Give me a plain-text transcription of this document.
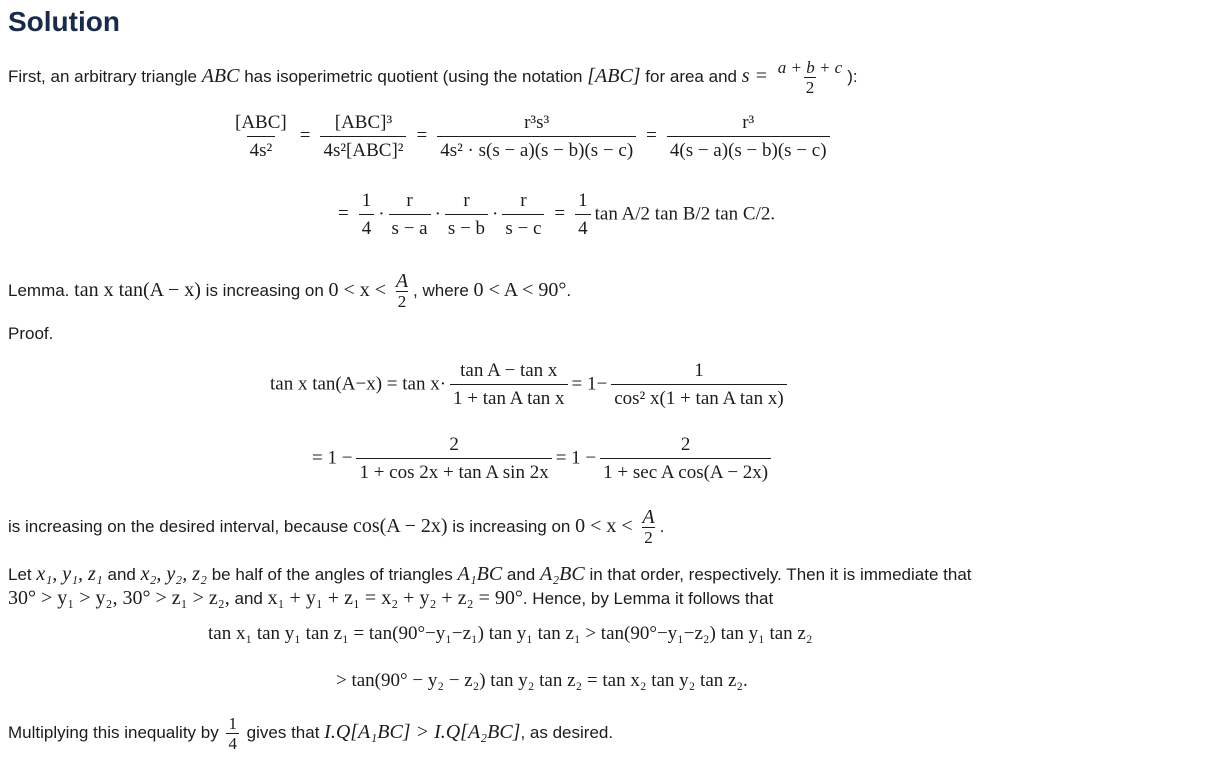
Solution
First, an arbitrary triangle ABC has isoperimetric quotient (using the notation [ABC] for area and $s = \frac{a + b + c}{2}$ ):
$\frac{\text{[ABC]}}{\text{4s²}} = \frac{\text{[ABC]³}}{\text{4s²[ABC]²}} = \frac{\text{r³s³}}{\text{4s² · s(s − a)(s − b)(s − c)}} = \frac{\text{r³}}{4(s - a)(s - b)(s - c)}$
= $\frac{1}{4} \cdot \frac{r}{s - a} \cdot \frac{r}{s - b} \cdot \frac{r}{s - c} = \frac{1}{4}$ tan A/2 tan B/2 tan C/2.
Lemma. tan x tan(A − x) is increasing on $0 < x < \frac{A}{2}$ , where 0 < A < 90°.
Proof.
tan x $\tan(A-x) = \tan x\cdot \frac{\text{tan A − tan x}}{\text{1 + tan A tan x}} = 1- \frac{1}{\text{cos² x(1 + tan A tan x)}}$
= $1 - \frac{2}{\text{1 + cos 2x + tan A sin 2x}} = 1 - \frac{2}{\text{1 + sec A cos(A − 2x)}}$
is increasing on the desired interval, because cos(A − 2x) is increasing on $0 < x < \frac{A}{2}$ .
Let x₁, y₁, z₁ and x₂, y₂, z₂ be half of the angles of triangles A₁BC and A₂BC in that order, respectively. Then it is immediate that
30° > y₁ > y₂, 30° > z₁ > z₂, and x₁ + y₁ + z₁ = x₂ + y₂ + z₂ = 90°. Hence, by Lemma it follows that
tan x₁ tan y₁ tan z₁ = tan(90°−y₁−z₁) tan y₁ tan z₁ > tan(90°−y₁−z₂) tan y₁ tan z₂
> tan(90° − y₂ − z₂) tan y₂ tan z₂ = tan x₂ tan y₂ tan z₂.
Multiplying this inequality by $\frac{1}{4}$ gives that I.Q[A₁BC] > I.Q[A₂BC], as desired.
